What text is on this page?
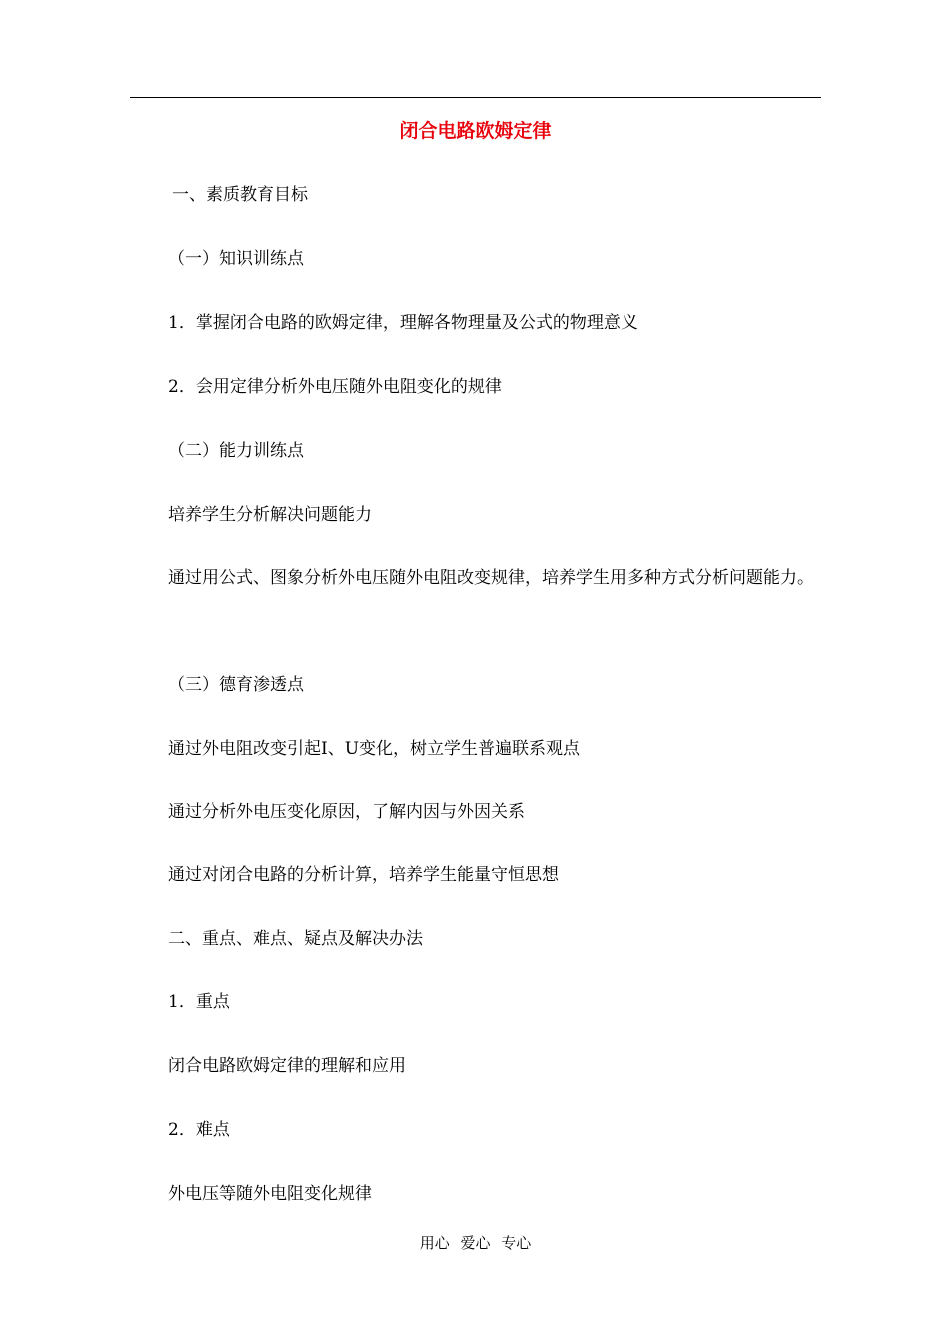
闭合电路欧姆定律
一、素质教育目标
（一）知识训练点
1．掌握闭合电路的欧姆定律，理解各物理量及公式的物理意义
2．会用定律分析外电压随外电阻变化的规律
（二）能力训练点
培养学生分析解决问题能力
通过用公式、图象分析外电压随外电阻改变规律，培养学生用多种方式分析问题能力。
（三）德育渗透点
通过外电阻改变引起I、U变化，树立学生普遍联系观点
通过分析外电压变化原因，了解内因与外因关系
通过对闭合电路的分析计算，培养学生能量守恒思想
二、重点、难点、疑点及解决办法
1．重点
闭合电路欧姆定律的理解和应用
2．难点
外电压等随外电阻变化规律
用心 爱心 专心
